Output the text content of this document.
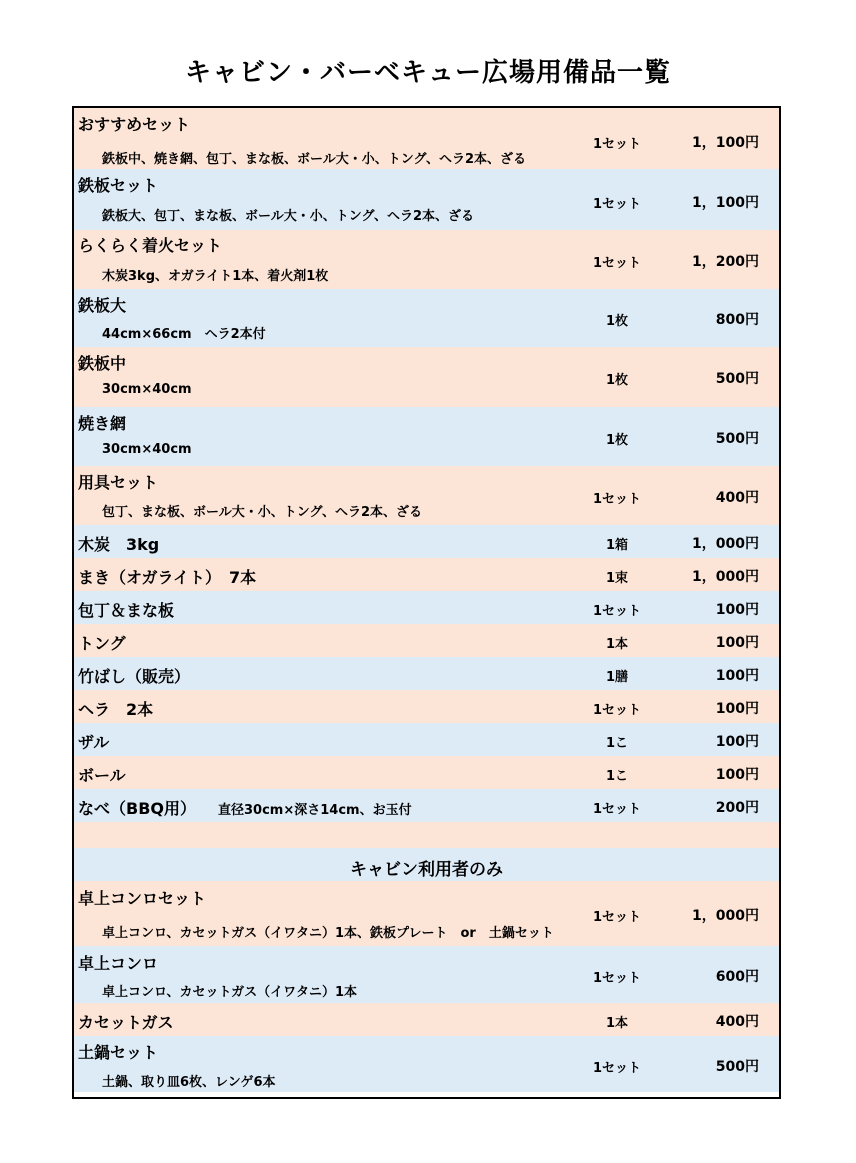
キャビン・バーベキュー広場用備品一覧
おすすめセット
鉄板中、焼き網、包丁、まな板、ボール大・小、トング、ヘラ2本、ざる
1セット	1，100円
鉄板セット
鉄板大、包丁、まな板、ボール大・小、トング、ヘラ2本、ざる
1セット	1，100円
らくらく着火セット
木炭3kg、オガライト1本、着火剤1枚
1セット	1，200円
鉄板大
44cm×66cm　ヘラ2本付
1枚	800円
鉄板中
30cm×40cm
1枚	500円
焼き網
30cm×40cm
1枚	500円
用具セット
包丁、まな板、ボール大・小、トング、ヘラ2本、ざる
1セット	400円
木炭　3kg	1箱	1，000円
まき（オガライト）　7本	1束	1，000円
包丁＆まな板	1セット	100円
トング	1本	100円
竹ばし（販売）	1膳	100円
ヘラ　2本	1セット	100円
ザル	1こ	100円
ボール	1こ	100円
なべ（BBQ用） 直径30cm×深さ14cm、お玉付	1セット	200円
キャビン利用者のみ
卓上コンロセット
卓上コンロ、カセットガス（イワタニ）1本、鉄板プレート　or　土鍋セット
1セット	1，000円
卓上コンロ
卓上コンロ、カセットガス（イワタニ）1本
1セット	600円
カセットガス	1本	400円
土鍋セット
土鍋、取り皿6枚、レンゲ6本
1セット	500円
